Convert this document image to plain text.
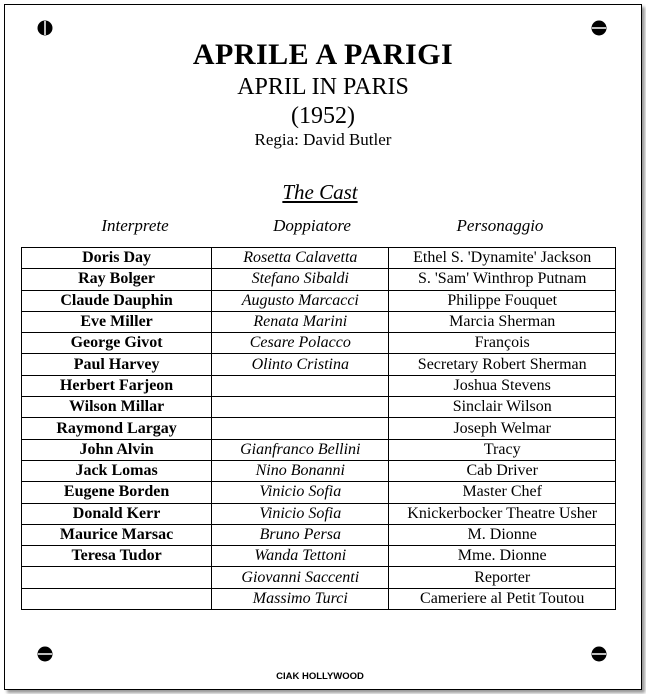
APRILE A PARIGI
APRIL IN PARIS
(1952)
Regia: David Butler
The Cast
Interprete	Doppiatore	Personaggio
Doris Day	Rosetta Calavetta	Ethel S. 'Dynamite' Jackson
Ray Bolger	Stefano Sibaldi	S. 'Sam' Winthrop Putnam
Claude Dauphin	Augusto Marcacci	Philippe Fouquet
Eve Miller	Renata Marini	Marcia Sherman
George Givot	Cesare Polacco	François
Paul Harvey	Olinto Cristina	Secretary Robert Sherman
Herbert Farjeon		Joshua Stevens
Wilson Millar		Sinclair Wilson
Raymond Largay		Joseph Welmar
John Alvin	Gianfranco Bellini	Tracy
Jack Lomas	Nino Bonanni	Cab Driver
Eugene Borden	Vinicio Sofia	Master Chef
Donald Kerr	Vinicio Sofia	Knickerbocker Theatre Usher
Maurice Marsac	Bruno Persa	M. Dionne
Teresa Tudor	Wanda Tettoni	Mme. Dionne
	Giovanni Saccenti	Reporter
	Massimo Turci	Cameriere al Petit Toutou
CIAK HOLLYWOOD
